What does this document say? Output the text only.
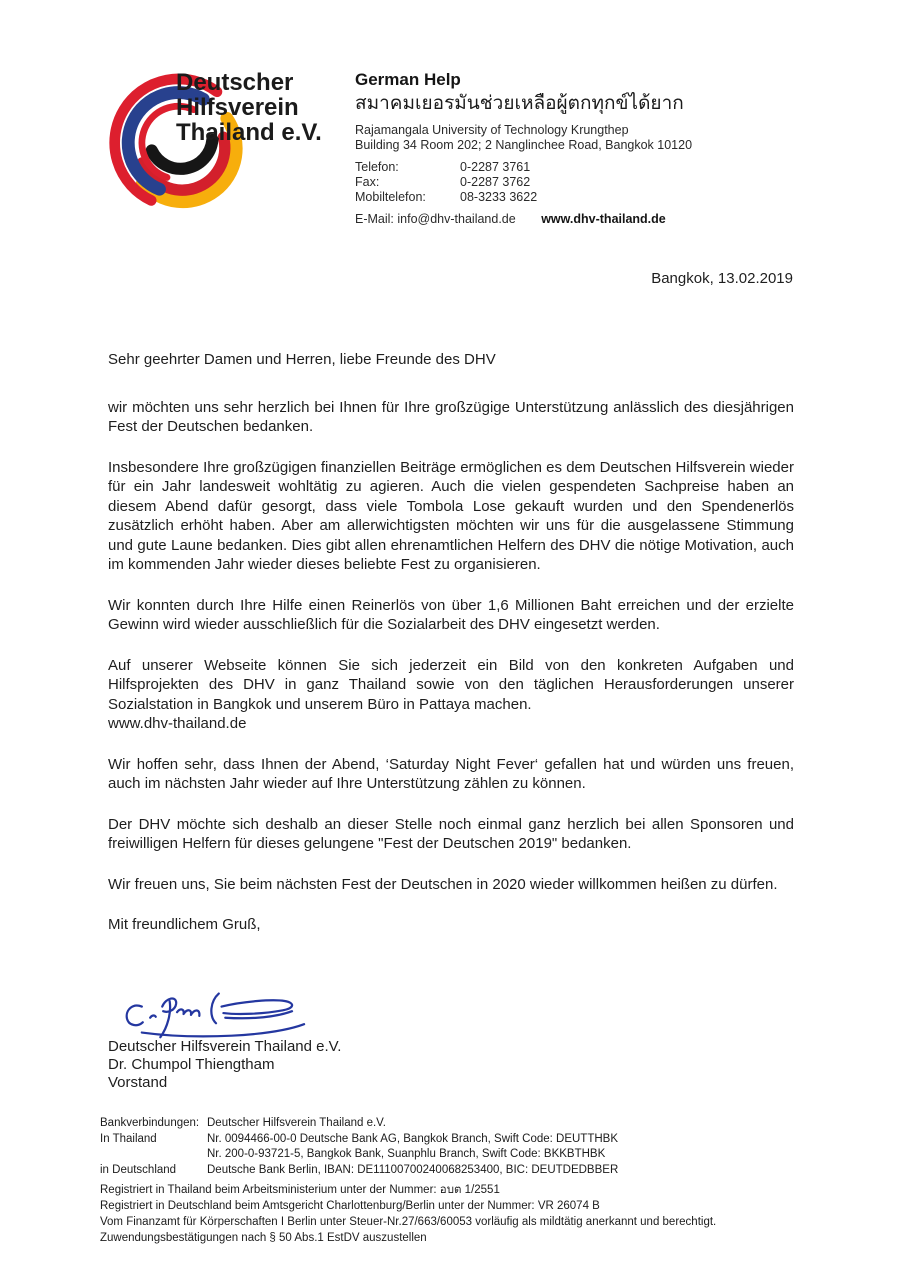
Deutscher
Hilfsverein
Thailand e.V.
German Help
สมาคมเยอรมันช่วยเหลือผู้ตกทุกข์ได้ยาก
Rajamangala University of Technology Krungthep
Building 34 Room 202; 2 Nanglinchee Road, Bangkok 10120
Telefon:	0-2287 3761
Fax:	0-2287 3762
Mobiltelefon:	08-3233 3622
E-Mail: info@dhv-thailand.de www.dhv-thailand.de
Bangkok, 13.02.2019

Sehr geehrter Damen und Herren, liebe Freunde des DHV

wir möchten uns sehr herzlich bei Ihnen für Ihre großzügige Unterstützung anlässlich des diesjährigen Fest der Deutschen bedanken.

Insbesondere Ihre großzügigen finanziellen Beiträge ermöglichen es dem Deutschen Hilfsverein wieder für ein Jahr landesweit wohltätig zu agieren. Auch die vielen gespendeten Sachpreise haben an diesem Abend dafür gesorgt, dass viele Tombola Lose gekauft wurden und den Spendenerlös zusätzlich erhöht haben. Aber am allerwichtigsten möchten wir uns für die ausgelassene Stimmung und gute Laune bedanken. Dies gibt allen ehrenamtlichen Helfern des DHV die nötige Motivation, auch im kommenden Jahr wieder dieses beliebte Fest zu organisieren.

Wir konnten durch Ihre Hilfe einen Reinerlös von über 1,6 Millionen Baht erreichen und der erzielte Gewinn wird wieder ausschließlich für die Sozialarbeit des DHV eingesetzt werden.

Auf unserer Webseite können Sie sich jederzeit ein Bild von den konkreten Aufgaben und Hilfsprojekten des DHV in ganz Thailand sowie von den täglichen Herausforderungen unserer Sozialstation in Bangkok und unserem Büro in Pattaya machen.

www.dhv-thailand.de

Wir hoffen sehr, dass Ihnen der Abend, ‘Saturday Night Fever‘ gefallen hat und würden uns freuen, auch im nächsten Jahr wieder auf Ihre Unterstützung zählen zu können.

Der DHV möchte sich deshalb an dieser Stelle noch einmal ganz herzlich bei allen Sponsoren und freiwilligen Helfern für dieses gelungene "Fest der Deutschen 2019" bedanken.

Wir freuen uns, Sie beim nächsten Fest der Deutschen in 2020 wieder willkommen heißen zu dürfen.

Mit freundlichem Gruß,

Deutscher Hilfsverein Thailand e.V.
Dr. Chumpol Thiengtham
Vorstand
Bankverbindungen: Deutscher Hilfsverein Thailand e.V.
In Thailand	Nr. 0094466-00-0 Deutsche Bank AG, Bangkok Branch, Swift Code: DEUTTHBK
Nr. 200-0-93721-5, Bangkok Bank, Suanphlu Branch, Swift Code: BKKBTHBK
in Deutschland	Deutsche Bank Berlin, IBAN: DE11100700240068253400, BIC: DEUTDEDBBER
Registriert in Thailand beim Arbeitsministerium unter der Nummer: อบต 1/2551
Registriert in Deutschland beim Amtsgericht Charlottenburg/Berlin unter der Nummer: VR 26074 B
Vom Finanzamt für Körperschaften I Berlin unter Steuer-Nr.27/663/60053 vorläufig als mildtätig anerkannt und berechtigt.
Zuwendungsbestätigungen nach § 50 Abs.1 EstDV auszustellen
